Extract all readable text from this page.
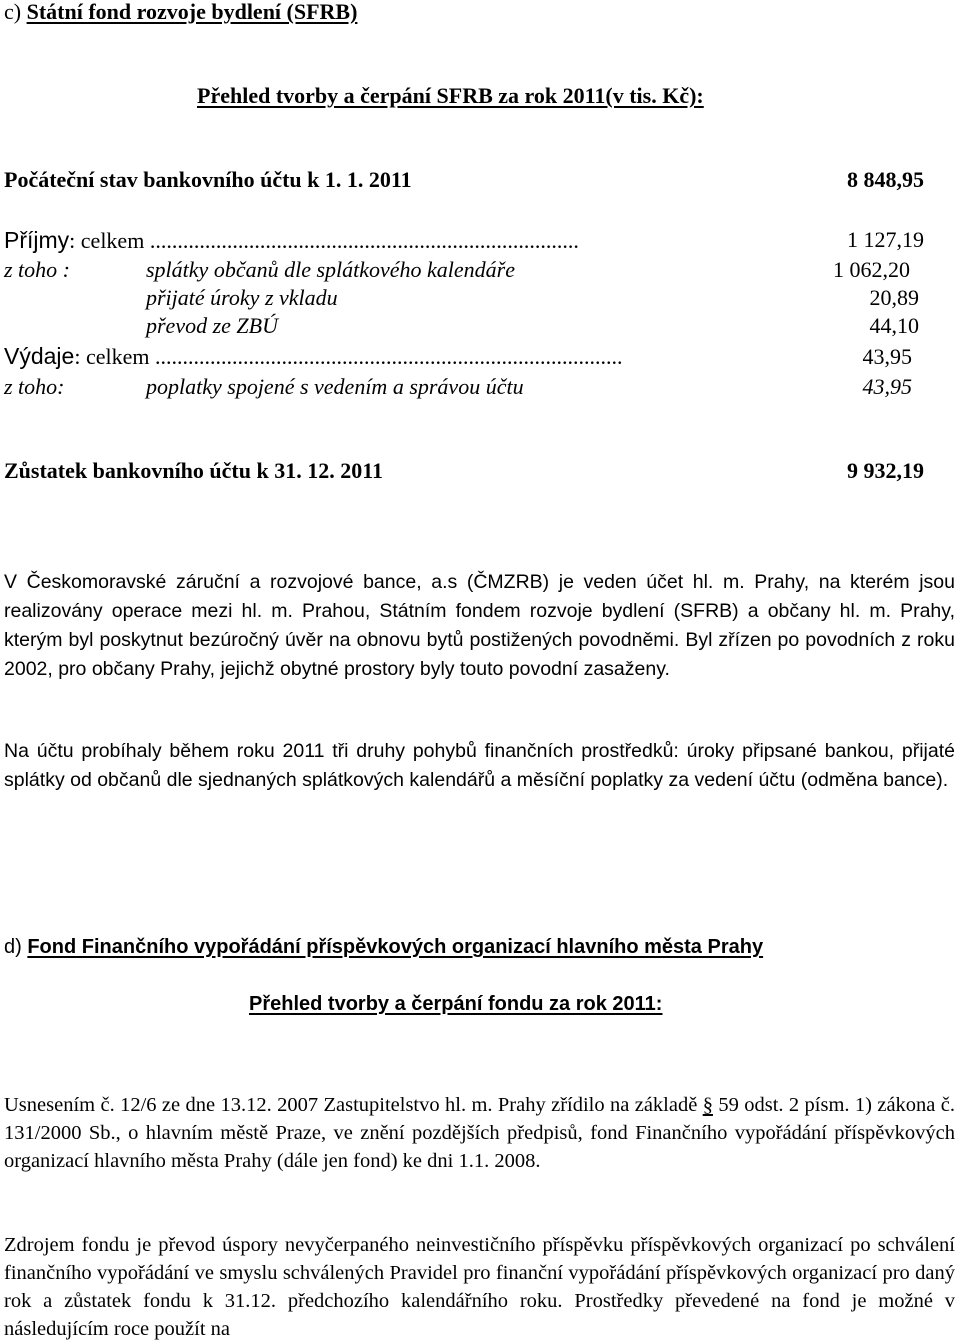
c) Státní fond rozvoje bydlení (SFRB)
Přehled tvorby a čerpání SFRB za rok 2011(v tis. Kč):
Počáteční stav bankovního účtu k 1. 1. 2011	8 848,95
Příjmy: celkem ..............................................................................	1 127,19
z toho :	splátky občanů dle splátkového kalendáře	1 062,20
přijaté úroky z vkladu	20,89
převod ze ZBÚ	44,10
Výdaje: celkem .....................................................................................	43,95
z toho:	poplatky spojené s vedením a správou účtu	43,95
Zůstatek bankovního účtu k 31. 12. 2011	9 932,19
V Českomoravské záruční a rozvojové bance, a.s (ČMZRB) je veden účet hl. m. Prahy, na kterém jsou realizovány operace mezi hl. m. Prahou, Státním fondem rozvoje bydlení (SFRB) a občany hl. m. Prahy, kterým byl poskytnut bezúročný úvěr na obnovu bytů postižených povodněmi. Byl zřízen po povodních z roku 2002, pro občany Prahy, jejichž obytné prostory byly touto povodní zasaženy.
Na účtu probíhaly během roku 2011 tři druhy pohybů finančních prostředků: úroky připsané bankou, přijaté splátky od občanů dle sjednaných splátkových kalendářů a měsíční poplatky za vedení účtu (odměna bance).
d) Fond Finančního vypořádání příspěvkových organizací hlavního města Prahy
Přehled tvorby a čerpání fondu za rok 2011:
Usnesením č. 12/6 ze dne 13.12. 2007 Zastupitelstvo hl. m. Prahy zřídilo na základě § 59 odst. 2 písm. 1) zákona č. 131/2000 Sb., o hlavním městě Praze, ve znění pozdějších předpisů, fond Finančního vypořádání příspěvkových organizací hlavního města Prahy (dále jen fond) ke dni 1.1. 2008.
Zdrojem fondu je převod úspory nevyčerpaného neinvestičního příspěvku příspěvkových organizací po schválení finančního vypořádání ve smyslu schválených Pravidel pro finanční vypořádání příspěvkových organizací pro daný rok a zůstatek fondu k 31.12. předchozího kalendářního roku. Prostředky převedené na fond je možné v následujícím roce použít na
